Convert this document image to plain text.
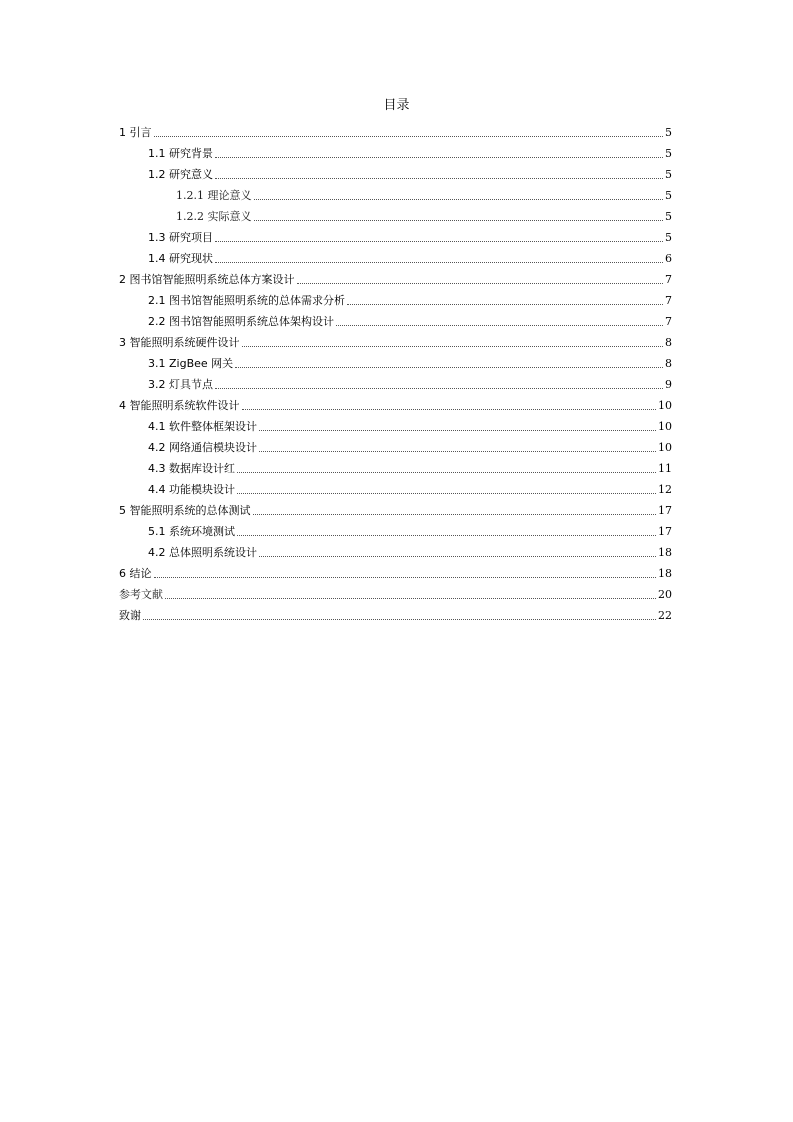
目录
1 引言	5
1.1 研究背景	5
1.2 研究意义	5
1.2.1 理论意义	5
1.2.2 实际意义	5
1.3 研究项目	5
1.4 研究现状	6
2 图书馆智能照明系统总体方案设计	7
2.1 图书馆智能照明系统的总体需求分析	7
2.2 图书馆智能照明系统总体架构设计	7
3 智能照明系统硬件设计	8
3.1 ZigBee 网关	8
3.2 灯具节点	9
4 智能照明系统软件设计	10
4.1 软件整体框架设计	10
4.2 网络通信模块设计	10
4.3 数据库设计红	11
4.4 功能模块设计	12
5 智能照明系统的总体测试	17
5.1 系统环境测试	17
4.2 总体照明系统设计	18
6 结论	18
参考文献	20
致谢	22
